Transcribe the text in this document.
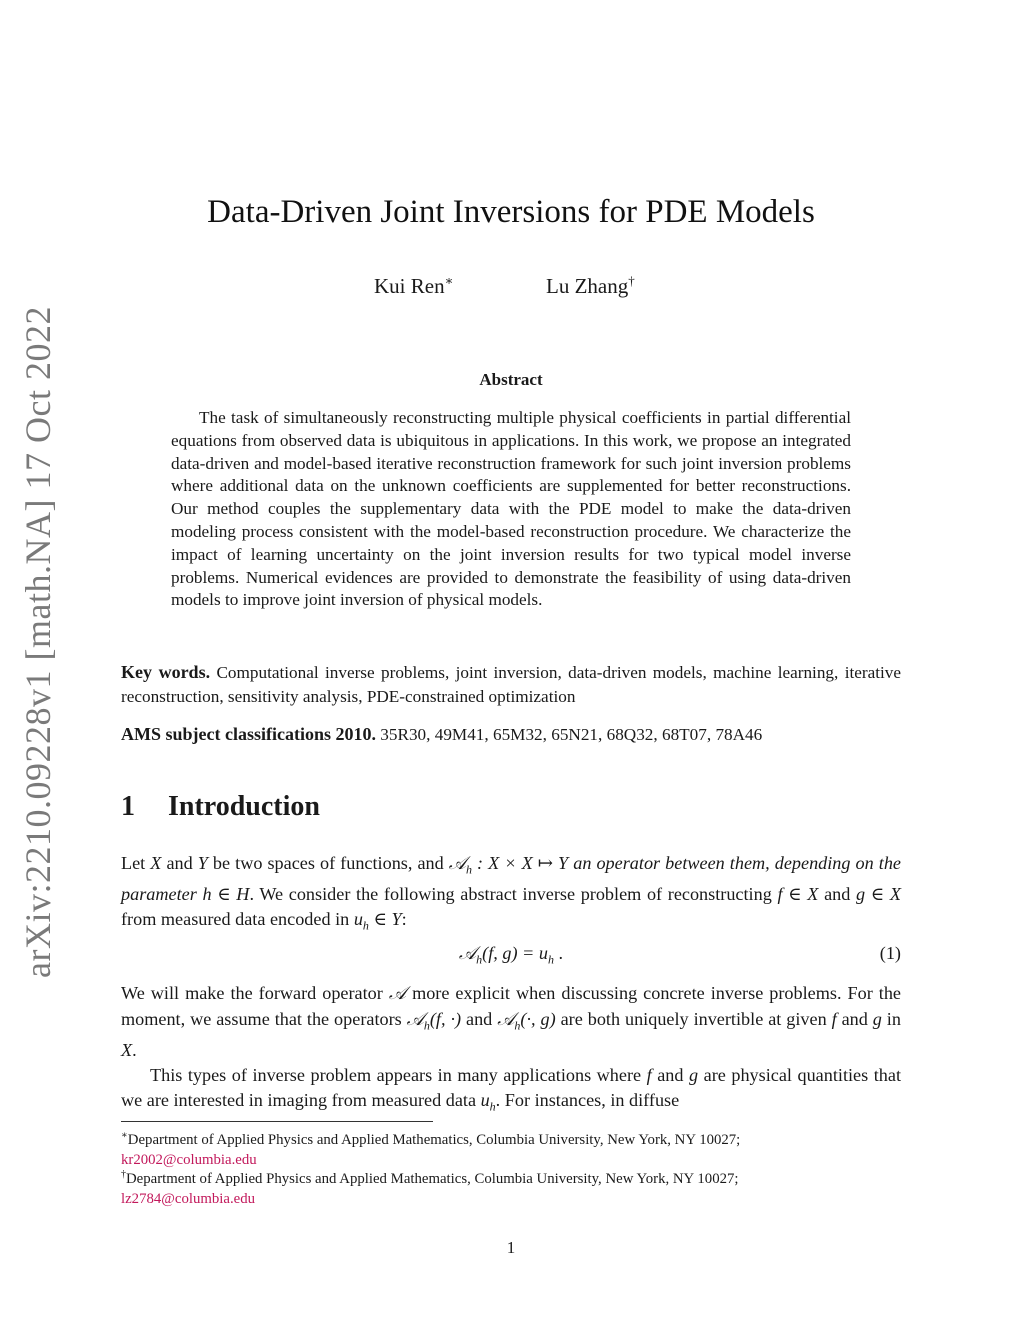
arXiv:2210.09228v1 [math.NA] 17 Oct 2022
Data-Driven Joint Inversions for PDE Models
Kui Ren∗	Lu Zhang†
Abstract

The task of simultaneously reconstructing multiple physical coefficients in partial differential equations from observed data is ubiquitous in applications. In this work, we propose an integrated data-driven and model-based iterative reconstruction framework for such joint inversion problems where additional data on the unknown coefficients are supplemented for better reconstructions. Our method couples the supplementary data with the PDE model to make the data-driven modeling process consistent with the model-based reconstruction procedure. We characterize the impact of learning uncertainty on the joint inversion results for two typical model inverse problems. Numerical evidences are provided to demonstrate the feasibility of using data-driven models to improve joint inversion of physical models.

Key words. Computational inverse problems, joint inversion, data-driven models, machine learning, iterative reconstruction, sensitivity analysis, PDE-constrained optimization

AMS subject classifications 2010. 35R30, 49M41, 65M32, 65N21, 68Q32, 68T07, 78A46

1 Introduction

Let X and Y be two spaces of functions, and 𝒜$_h$ : X × X ↦ Y an operator between them, depending on the parameter h ∈ H. We consider the following abstract inverse problem of reconstructing f ∈ X and g ∈ X from measured data encoded in $u_h$ ∈ Y:

𝒜$_h$(f, $g) = u_h$ .	(1)

We will make the forward operator 𝒜 more explicit when discussing concrete inverse problems. For the moment, we assume that the operators 𝒜$_h$(f, ·) and 𝒜$_h$(·, g) are both uniquely invertible at given f and g in X.

This types of inverse problem appears in many applications where f and g are physical quantities that we are interested in imaging from measured data $u_h$. For instances, in diffuse

∗Department of Applied Physics and Applied Mathematics, Columbia University, New York, NY 10027;
kr2002@columbia.edu

†Department of Applied Physics and Applied Mathematics, Columbia University, New York, NY 10027;
lz2784@columbia.edu

1
